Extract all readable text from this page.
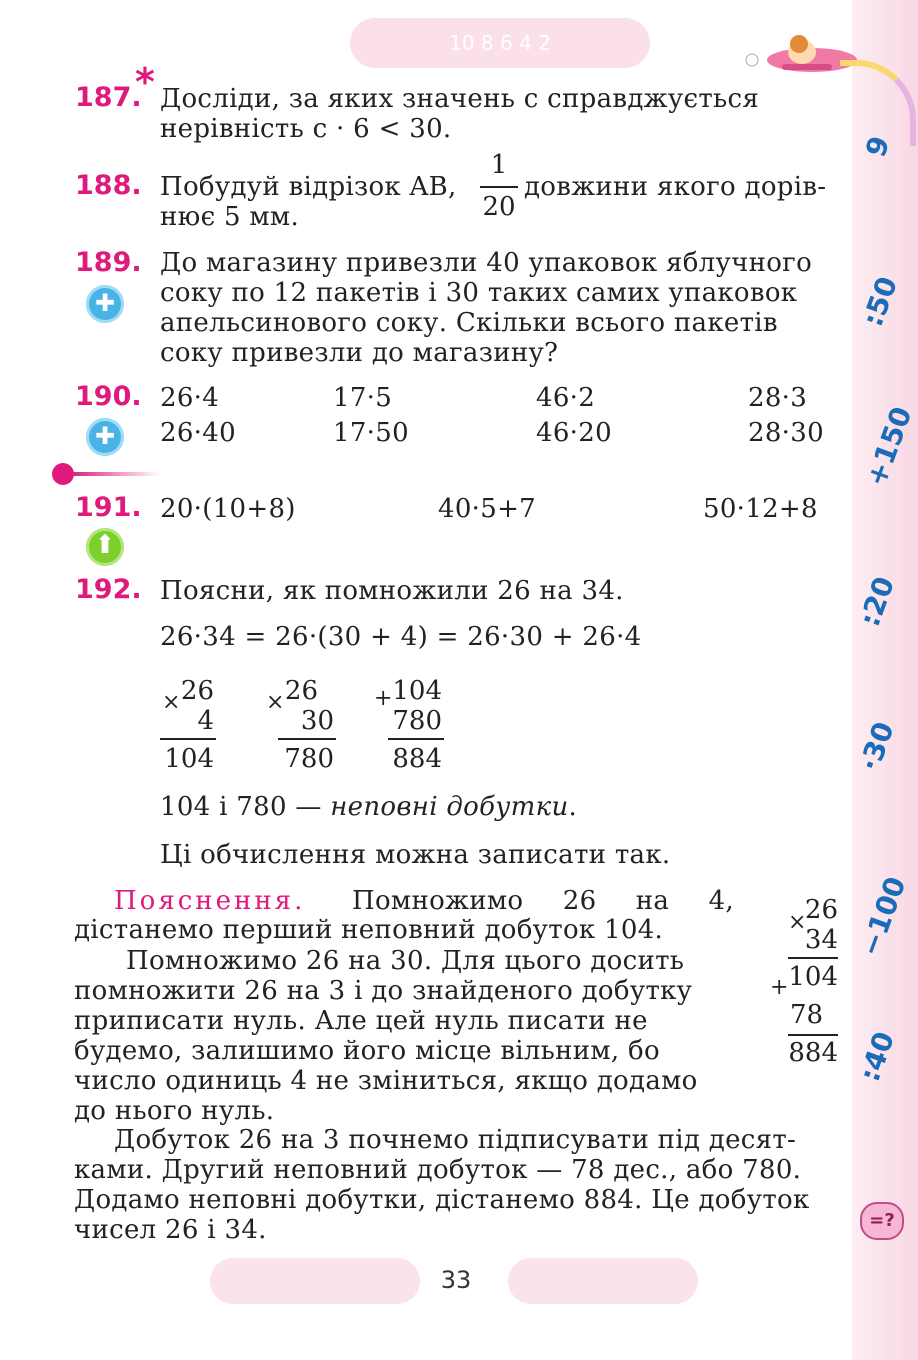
10 8 6 4 2
9
:50
+150
:20
·30
−100
:40
187.
* Досліди, за яких значень c справджується
нерівність c · 6 < 30.
188. Побудуй відрізок AB,
1
20
довжини якого дорів-
нює 5 мм.
189.
✚ До магазину привезли 40 упаковок яблучного
соку по 12 пакетів і 30 таких самих упаковок
апельсинового соку. Скільки всього пакетів
соку привезли до магазину?
190.
✚ 26·4	17·5	46·2	28·3
26·40	17·50	46·20	28·30
191.
⬆ 20·(10+8)	40·5+7	50·12+8
192. Поясни, як помножили 26 на 34.
26·34 = 26·(30 + 4) = 26·30 + 26·4
× 26
4
104
× 26
30
780
+ 104
780
884
104 і 780 — неповні добутки.
Ці обчислення можна записати так.
Пояснення. Помножимо 26 на 4,
дістанемо перший неповний добуток 104.
Помножимо 26 на 30. Для цього досить
помножити 26 на 3 і до знайденого добутку
приписати нуль. Але цей нуль писати не
будемо, залишимо його місце вільним, бо
число одиниць 4 не зміниться, якщо додамо
до нього нуль.
Добуток 26 на 3 почнемо підписувати під десят-
ками. Другий неповний добуток — 78 дес., або 780.
Додамо неповні добутки, дістанемо 884. Це добуток
чисел 26 і 34.
×
26
34
+ 104
78
884
=?
33
